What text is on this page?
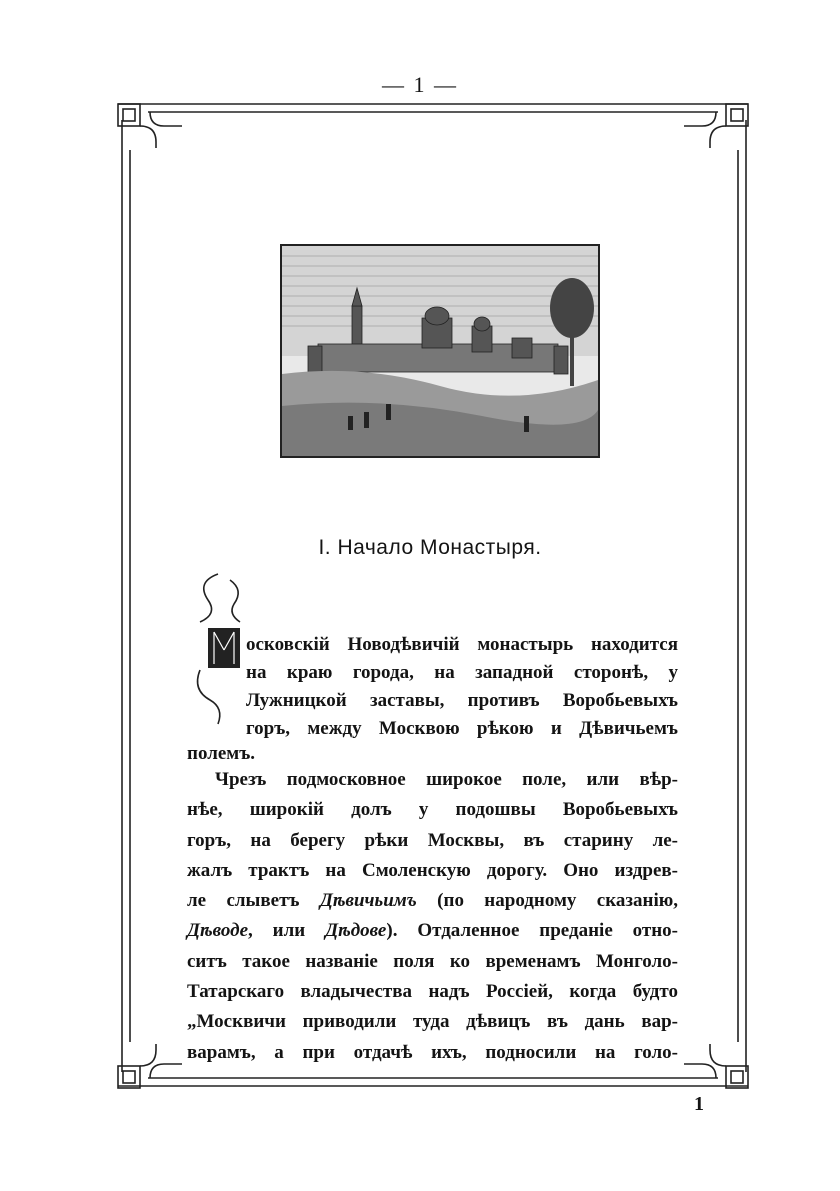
— 1 —
I. Начало Монастыря.
осковскій Новодѣвичій монастырь находится
на краю города, на западной сторонѣ, у
Лужницкой заставы, противъ Воробьевыхъ
горъ, между Москвою рѣкою и Дѣвичьемъ
полемъ.
Чрезъ подмосковное широкое поле, или вѣр-
нѣе, широкій долъ у подошвы Воробьевыхъ
горъ, на берегу рѣки Москвы, въ старину ле-
жалъ трактъ на Смоленскую дорогу. Оно издрев-
ле слыветъ Дѣвичьимъ (по народному сказанію,
Дѣводе, или Дѣдове). Отдаленное преданіе отно-
ситъ такое названіе поля ко временамъ Монголо-
Татарскаго владычества надъ Россіей, когда будто
„Москвичи приводили туда дѣвицъ въ дань вар-
варамъ, а при отдачѣ ихъ, подносили на голо-
1
